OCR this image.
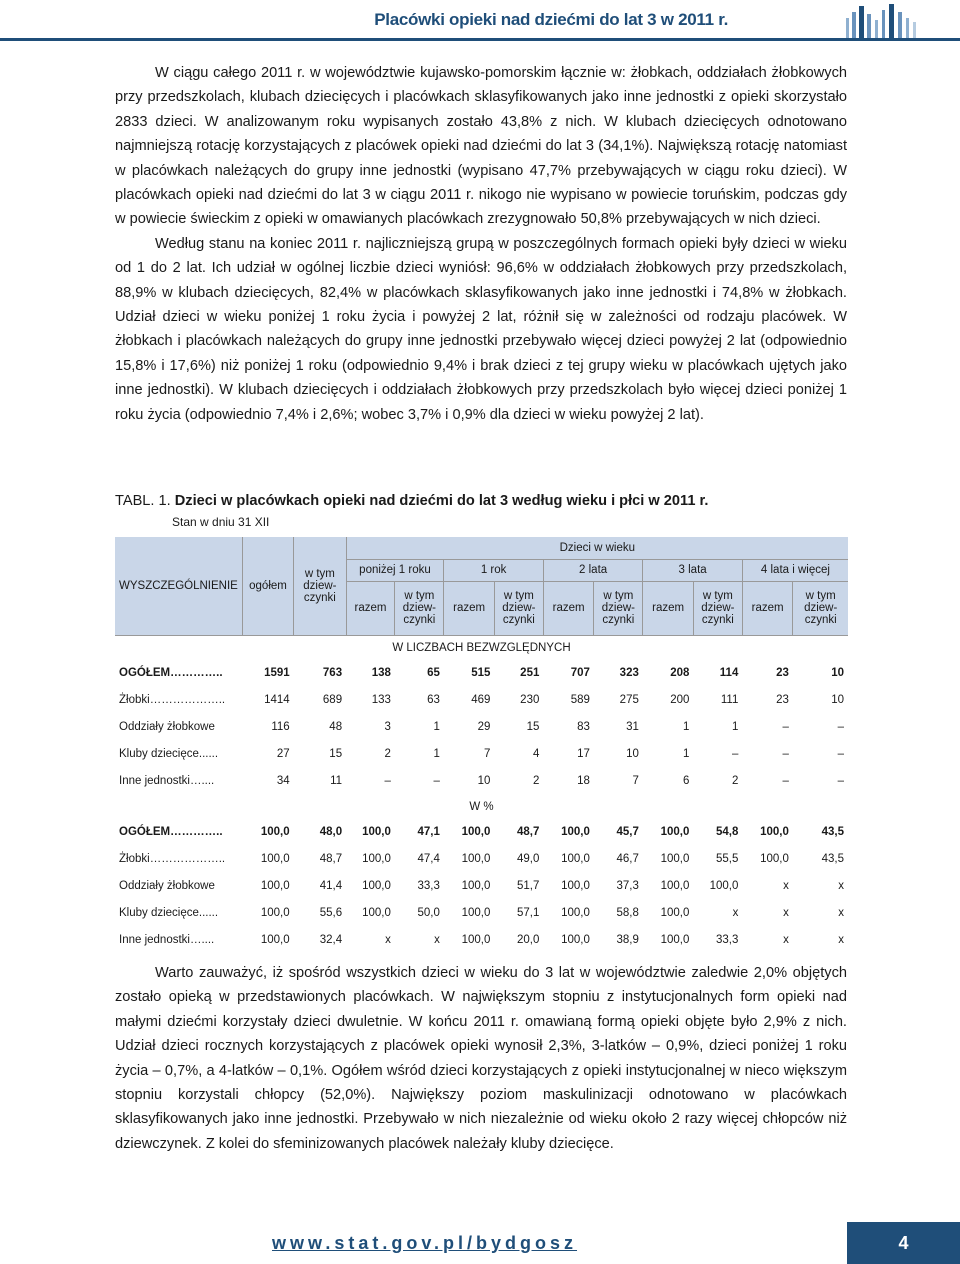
Placówki opieki nad dziećmi do lat 3 w 2011 r.

W ciągu całego 2011 r. w województwie kujawsko-pomorskim łącznie w: żłobkach, oddziałach żłobkowych przy przedszkolach, klubach dziecięcych i placówkach sklasyfikowanych jako inne jednostki z opieki skorzystało 2833 dzieci. W analizowanym roku wypisanych zostało 43,8% z nich. W klubach dziecięcych odnotowano najmniejszą rotację korzystających z placówek opieki nad dziećmi do lat 3 (34,1%). Największą rotację natomiast w placówkach należących do grupy inne jednostki (wypisano 47,7% przebywających w ciągu roku dzieci). W placówkach opieki nad dziećmi do lat 3 w ciągu 2011 r. nikogo nie wypisano w powiecie toruńskim, podczas gdy w powiecie świeckim z opieki w omawianych placówkach zrezygnowało 50,8% przebywających w nich dzieci.

Według stanu na koniec 2011 r. najliczniejszą grupą w poszczególnych formach opieki były dzieci w wieku od 1 do 2 lat. Ich udział w ogólnej liczbie dzieci wyniósł: 96,6% w oddziałach żłobkowych przy przedszkolach, 88,9% w klubach dziecięcych, 82,4% w placówkach sklasyfikowanych jako inne jednostki i 74,8% w żłobkach. Udział dzieci w wieku poniżej 1 roku życia i powyżej 2 lat, różnił się w zależności od rodzaju placówek. W żłobkach i placówkach należących do grupy inne jednostki przebywało więcej dzieci powyżej 2 lat (odpowiednio 15,8% i 17,6%) niż poniżej 1 roku (odpowiednio 9,4% i brak dzieci z tej grupy wieku w placówkach ujętych jako inne jednostki). W klubach dziecięcych i oddziałach żłobkowych przy przedszkolach było więcej dzieci poniżej 1 roku życia (odpowiednio 7,4% i 2,6%; wobec 3,7% i 0,9% dla dzieci w wieku powyżej 2 lat).

TABL. 1. Dzieci w placówkach opieki nad dziećmi do lat 3 według wieku i płci w 2011 r.
Stan w dniu 31 XII
WYSZCZEGÓLNIENIE	ogółem	w tym dziew-czynki	Dzieci w wieku									
			poniżej 1 roku		1 rok		2 lata		3 lata		4 lata i więcej	
			razem	w tym dziew-czynki	razem	w tym dziew-czynki	razem	w tym dziew-czynki	razem	w tym dziew-czynki	razem	w tym dziew-czynki
W LICZBACH BEZWZGLĘDNYCH												
OGÓŁEM…………..	1591	763	138	65	515	251	707	323	208	114	23	10
Żłobki………………..	1414	689	133	63	469	230	589	275	200	111	23	10
Oddziały żłobkowe	116	48	3	1	29	15	83	31	1	1	–	–
Kluby dziecięce......	27	15	2	1	7	4	17	10	1	–	–	–
Inne jednostki…....	34	11	–	–	10	2	18	7	6	2	–	–
W %												
OGÓŁEM…………..	100,0	48,0	100,0	47,1	100,0	48,7	100,0	45,7	100,0	54,8	100,0	43,5
Żłobki………………..	100,0	48,7	100,0	47,4	100,0	49,0	100,0	46,7	100,0	55,5	100,0	43,5
Oddziały żłobkowe	100,0	41,4	100,0	33,3	100,0	51,7	100,0	37,3	100,0	100,0	x	x
Kluby dziecięce......	100,0	55,6	100,0	50,0	100,0	57,1	100,0	58,8	100,0	x	x	x
Inne jednostki…....	100,0	32,4	x	x	100,0	20,0	100,0	38,9	100,0	33,3	x	x

Warto zauważyć, iż spośród wszystkich dzieci w wieku do 3 lat w województwie zaledwie 2,0% objętych zostało opieką w przedstawionych placówkach. W największym stopniu z instytucjonalnych form opieki nad małymi dziećmi korzystały dzieci dwuletnie. W końcu 2011 r. omawianą formą opieki objęte było 2,9% z nich. Udział dzieci rocznych korzystających z placówek opieki wynosił 2,3%, 3-latków – 0,9%, dzieci poniżej 1 roku życia – 0,7%, a 4-latków – 0,1%. Ogółem wśród dzieci korzystających z opieki instytucjonalnej w nieco większym stopniu korzystali chłopcy (52,0%). Największy poziom maskulinizacji odnotowano w placówkach sklasyfikowanych jako inne jednostki. Przebywało w nich niezależnie od wieku około 2 razy więcej chłopców niż dziewczynek. Z kolei do sfeminizowanych placówek należały kluby dziecięce.

www.stat.gov.pl/bydgosz	4
